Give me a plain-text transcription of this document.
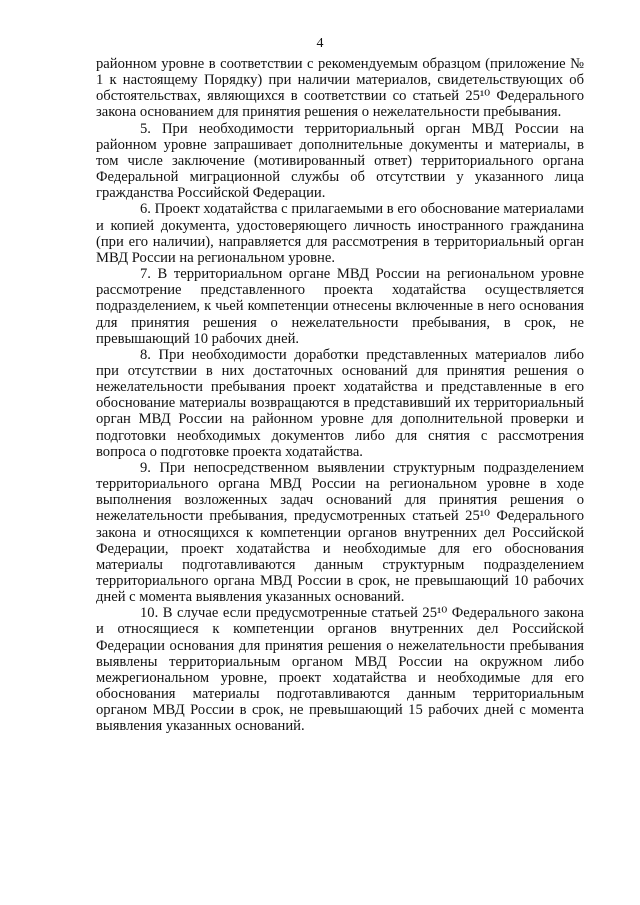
4

районном уровне в соответствии с рекомендуемым образцом (приложение № 1 к настоящему Порядку) при наличии материалов, свидетельствующих об обстоятельствах, являющихся в соответствии со статьей 25¹⁰ Федерального закона основанием для принятия решения о нежелательности пребывания.

5. При необходимости территориальный орган МВД России на районном уровне запрашивает дополнительные документы и материалы, в том числе заключение (мотивированный ответ) территориального органа Федеральной миграционной службы об отсутствии у указанного лица гражданства Российской Федерации.

6. Проект ходатайства с прилагаемыми в его обоснование материалами и копией документа, удостоверяющего личность иностранного гражданина (при его наличии), направляется для рассмотрения в территориальный орган МВД России на региональном уровне.

7. В территориальном органе МВД России на региональном уровне рассмотрение представленного проекта ходатайства осуществляется подразделением, к чьей компетенции отнесены включенные в него основания для принятия решения о нежелательности пребывания, в срок, не превышающий 10 рабочих дней.

8. При необходимости доработки представленных материалов либо при отсутствии в них достаточных оснований для принятия решения о нежелательности пребывания проект ходатайства и представленные в его обоснование материалы возвращаются в представивший их территориальный орган МВД России на районном уровне для дополнительной проверки и подготовки необходимых документов либо для снятия с рассмотрения вопроса о подготовке проекта ходатайства.

9. При непосредственном выявлении структурным подразделением территориального органа МВД России на региональном уровне в ходе выполнения возложенных задач оснований для принятия решения о нежелательности пребывания, предусмотренных статьей 25¹⁰ Федерального закона и относящихся к компетенции органов внутренних дел Российской Федерации, проект ходатайства и необходимые для его обоснования материалы подготавливаются данным структурным подразделением территориального органа МВД России в срок, не превышающий 10 рабочих дней с момента выявления указанных оснований.

10. В случае если предусмотренные статьей 25¹⁰ Федерального закона и относящиеся к компетенции органов внутренних дел Российской Федерации основания для принятия решения о нежелательности пребывания выявлены территориальным органом МВД России на окружном либо межрегиональном уровне, проект ходатайства и необходимые для его обоснования материалы подготавливаются данным территориальным органом МВД России в срок, не превышающий 15 рабочих дней с момента выявления указанных оснований.
